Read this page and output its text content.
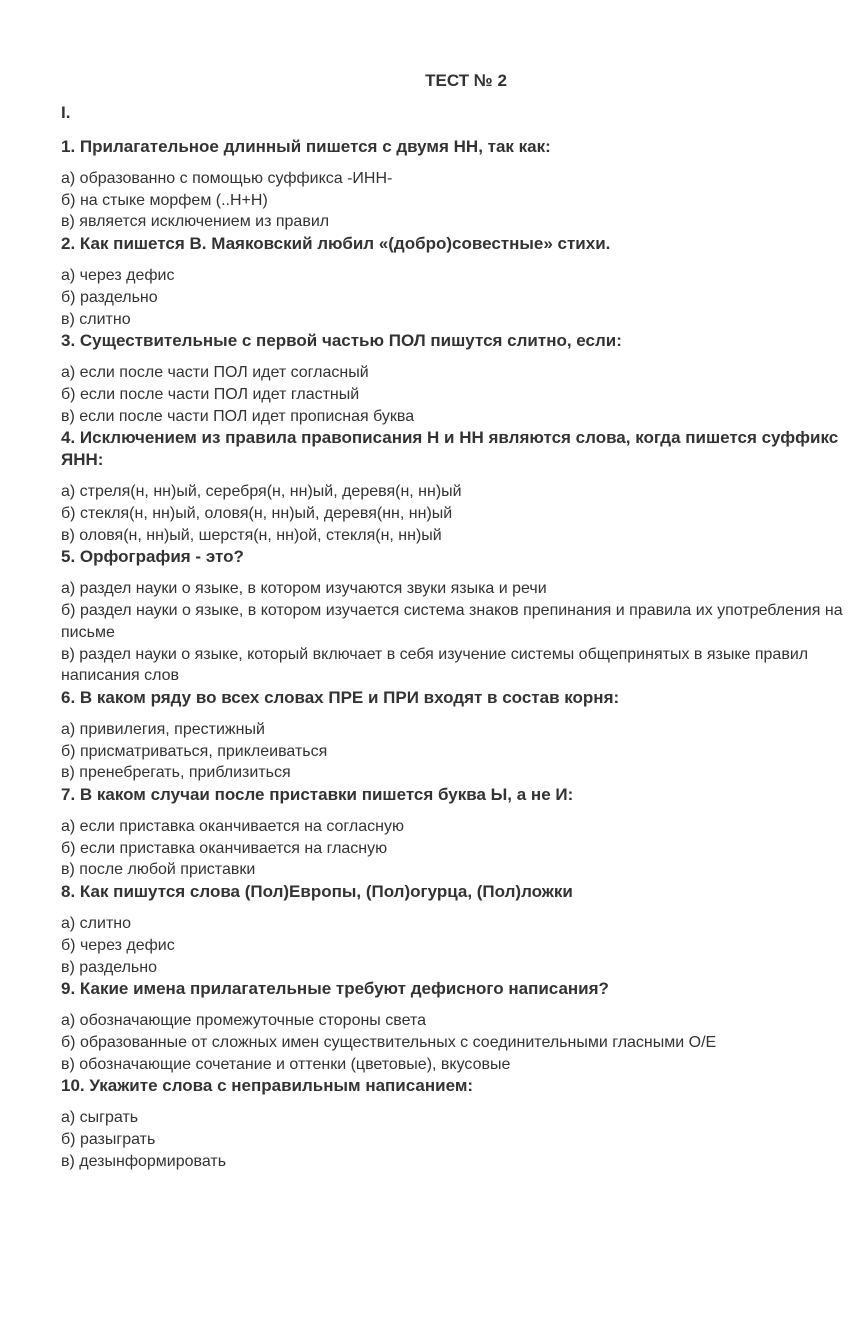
ТЕСТ № 2
I.
1. Прилагательное длинный пишется с двумя НН, так как:
а) образованно с помощью суффикса -ИНН-
б) на стыке морфем (..Н+Н)
в) является исключением из правил
2. Как пишется В. Маяковский любил «(добро)совестные» стихи.
а) через дефис
б) раздельно
в) слитно
3. Существительные с первой частью ПОЛ пишутся слитно, если:
а) если после части ПОЛ идет согласный
б) если после части ПОЛ идет гластный
в) если после части ПОЛ идет прописная буква
4. Исключением из правила правописания Н и НН являются слова, когда пишется суффикс ЯНН:
а) стреля(н, нн)ый, серебря(н, нн)ый, деревя(н, нн)ый
б) стекля(н, нн)ый, оловя(н, нн)ый, деревя(нн, нн)ый
в) оловя(н, нн)ый, шерстя(н, нн)ой, стекля(н, нн)ый
5. Орфография - это?
а) раздел науки о языке, в котором изучаются звуки языка и речи
б) раздел науки о языке, в котором изучается система знаков препинания и правила их употребления на письме
в) раздел науки о языке, который включает в себя изучение системы общепринятых в языке правил написания слов
6. В каком ряду во всех словах ПРЕ и ПРИ входят в состав корня:
а) привилегия, престижный
б) присматриваться, приклеиваться
в) пренебрегать, приблизиться
7. В каком случаи после приставки пишется буква Ы, а не И:
а) если приставка оканчивается на согласную
б) если приставка оканчивается на гласную
в) после любой приставки
8. Как пишутся слова (Пол)Европы, (Пол)огурца, (Пол)ложки
а) слитно
б) через дефис
в) раздельно
9. Какие имена прилагательные требуют дефисного написания?
а) обозначающие промежуточные стороны света
б) образованные от сложных имен существительных с соединительными гласными О/Е
в) обозначающие сочетание и оттенки (цветовые), вкусовые
10. Укажите слова с неправильным написанием:
а) сыграть
б) разыграть
в) дезынформировать
